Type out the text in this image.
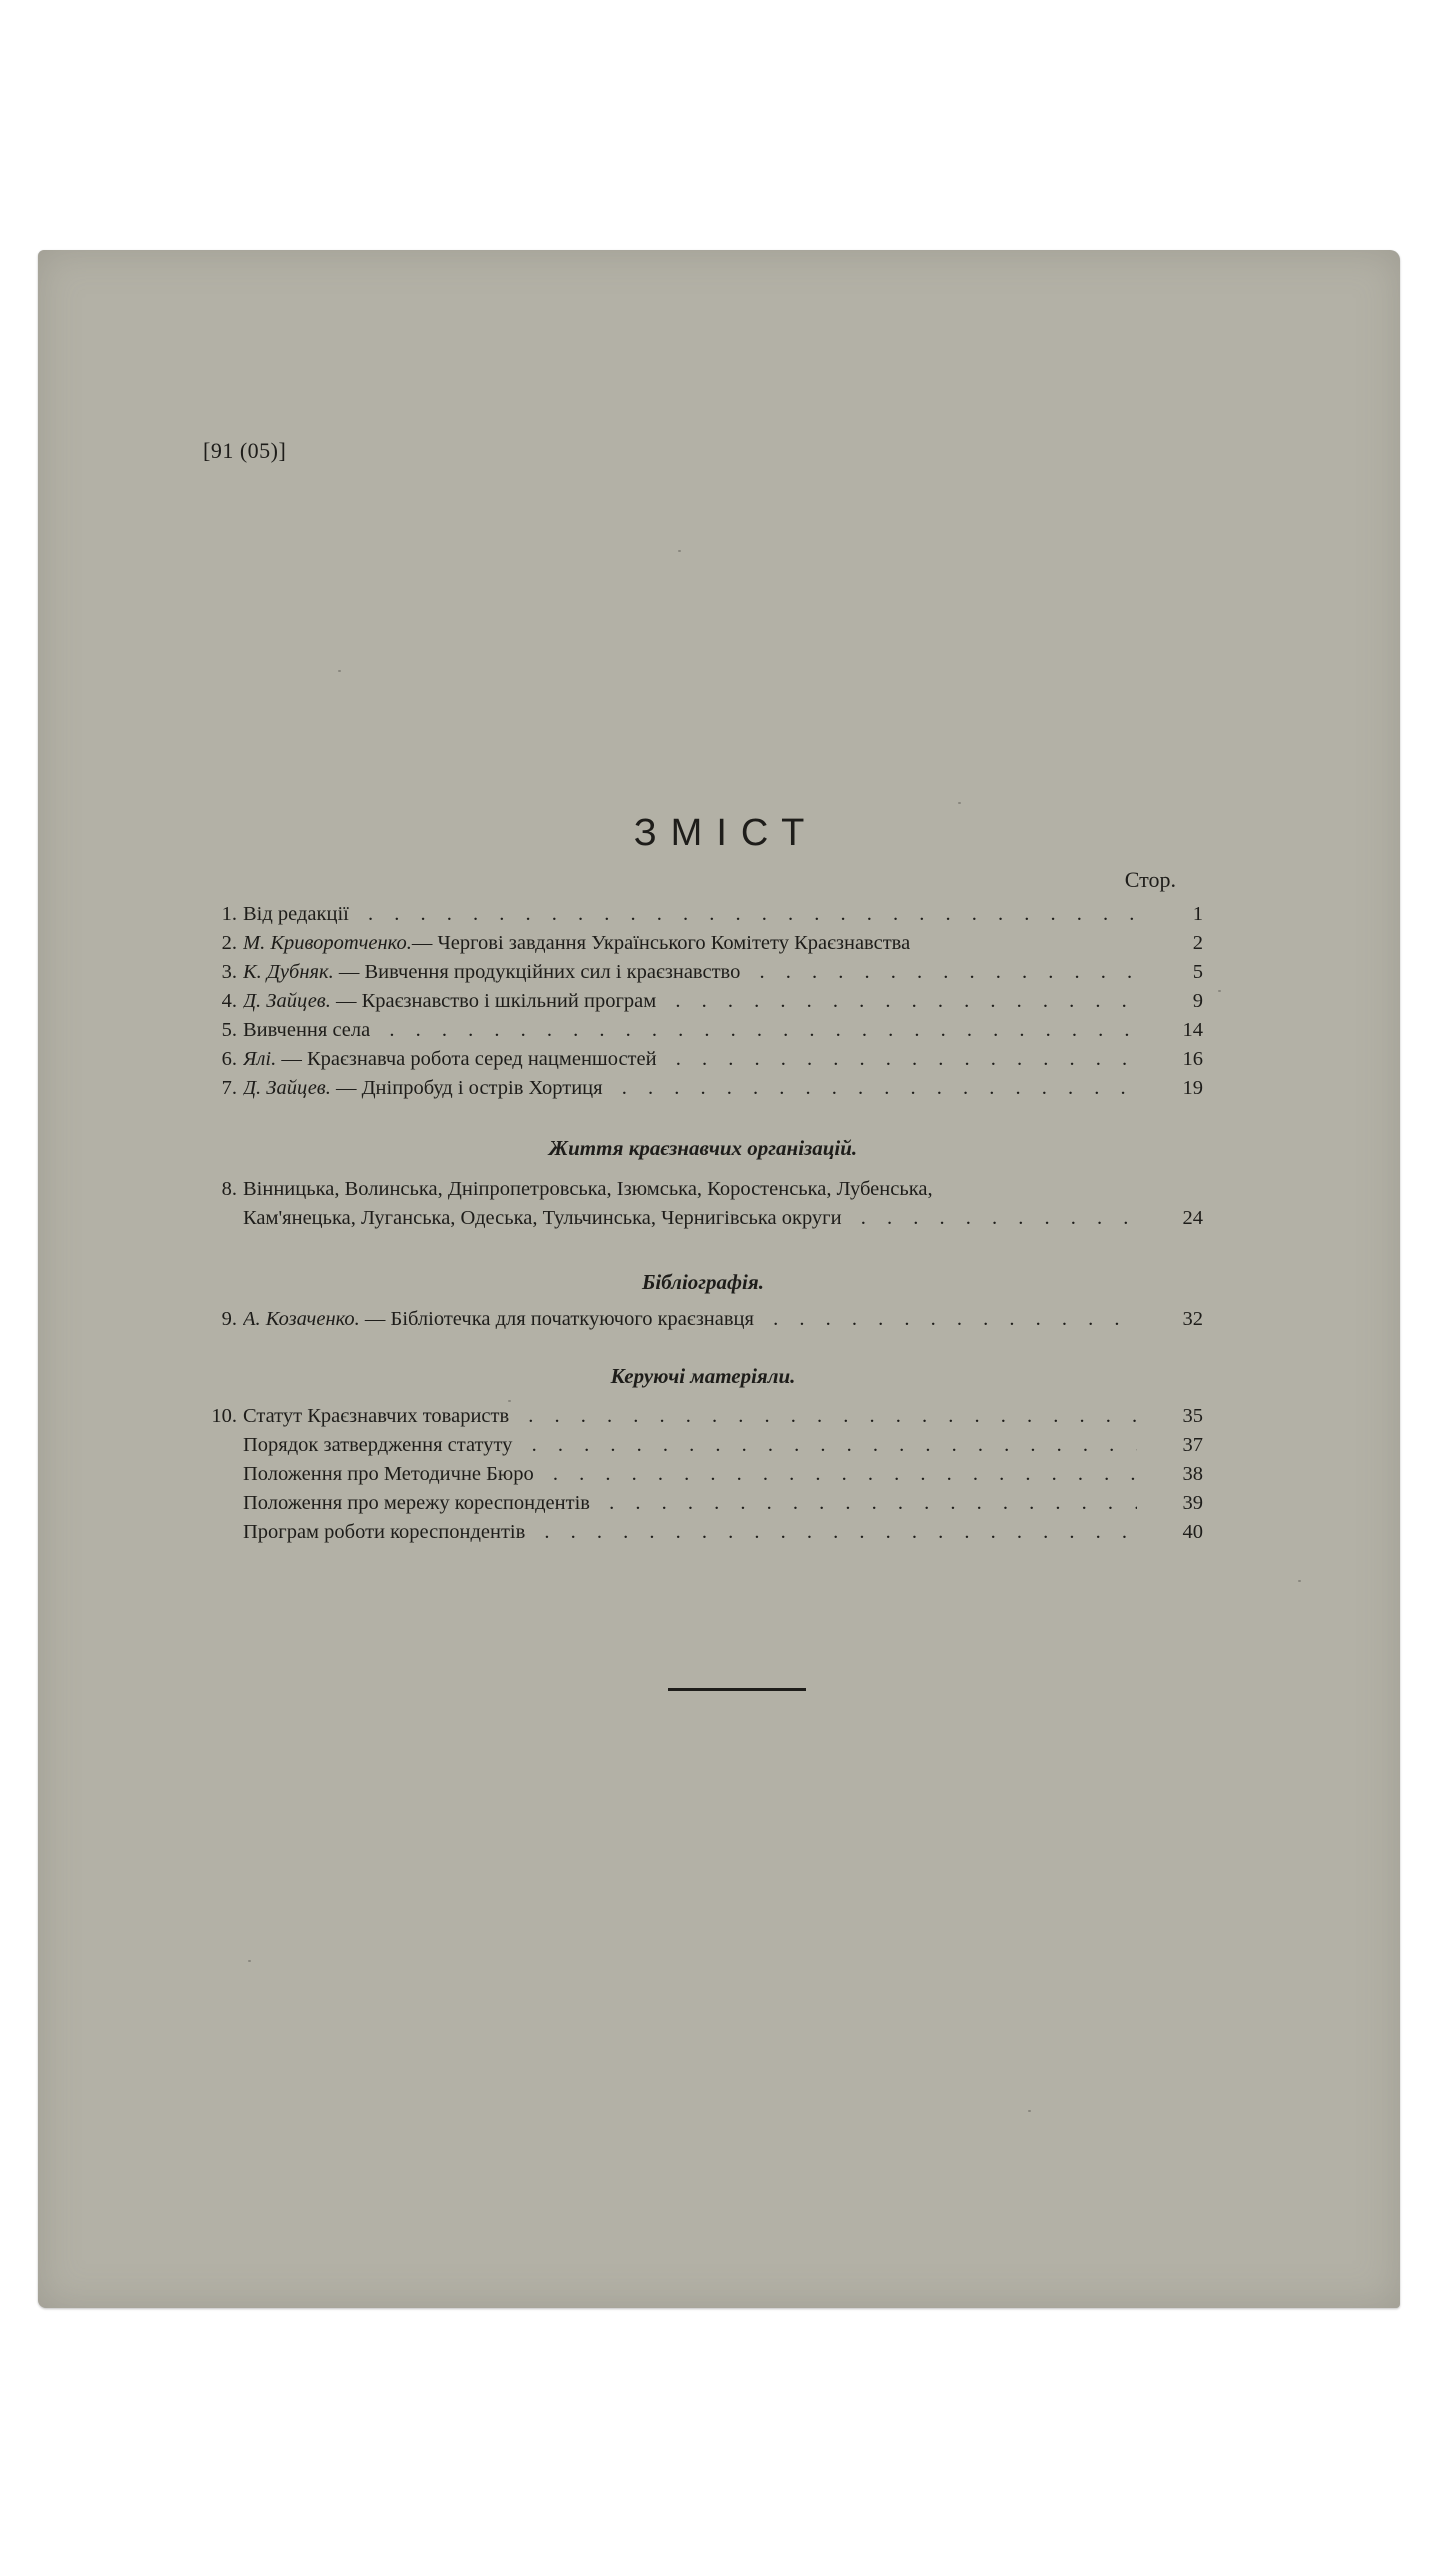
[91 (05)]
ЗМІСТ
Стор.
1. Від редакції . . .	1
2. М. Криворотченко.— Чергові завдання Українського Комітету Краєзнавства	2
3. К. Дубняк. — Вивчення продукційних сил і краєзнавство . . .	5
4. Д. Зайцев. — Краєзнавство і шкільний програм . . .	9
5. Вивчення села . . .	14
6. Ялі. — Краєзнавча робота серед нацменшостей . . .	16
7. Д. Зайцев. — Дніпробуд і острів Хортиця . . .	19
Життя краєзнавчих організацій.
8. Вінницька, Волинська, Дніпропетровська, Ізюмська, Коростенська, Лубенська,
Кам'янецька, Луганська, Одеська, Тульчинська, Чернигівська округи . . .	24
Бібліографія.
9. А. Козаченко. — Бібліотечка для початкуючого краєзнавця . . .	32
Керуючі матеріяли.
10. Статут Краєзнавчих товариств . . .	35
Порядок затвердження статуту . . .	37
Положення про Методичне Бюро . . .	38
Положення про мережу кореспондентів . . .	39
Програм роботи кореспондентів . . .	40
